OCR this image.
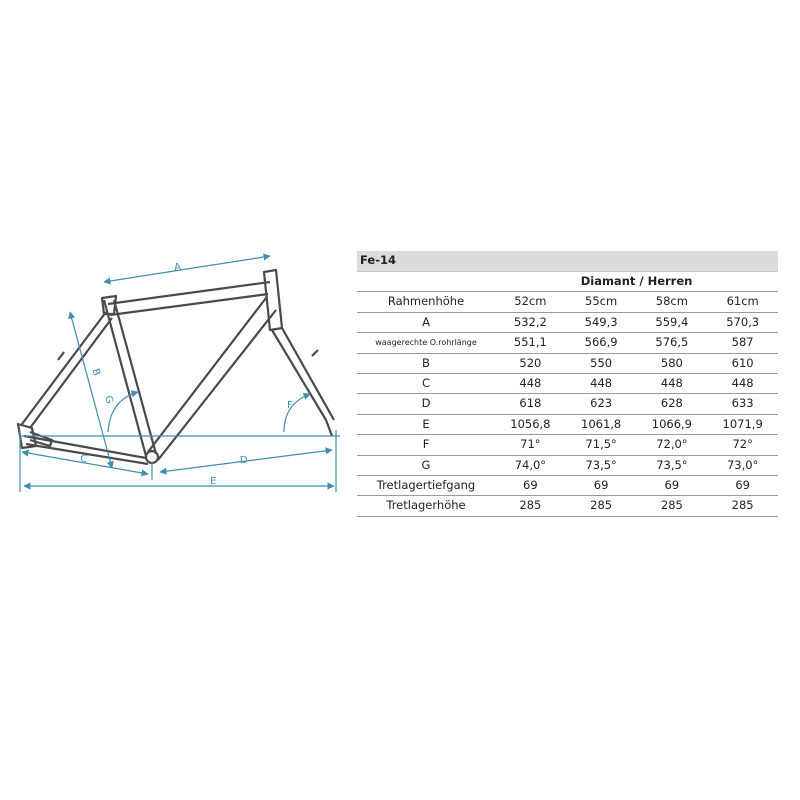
A
B
G
C	D
E
F
Fe-14				
	Diamant / Herren			
Rahmenhöhe	52cm	55cm	58cm	61cm
A	532,2	549,3	559,4	570,3
waagerechte O.rohrlänge	551,1	566,9	576,5	587
B	520	550	580	610
C	448	448	448	448
D	618	623	628	633
E	1056,8	1061,8	1066,9	1071,9
F	71°	71,5°	72,0°	72°
G	74,0°	73,5°	73,5°	73,0°
Tretlagertiefgang	69	69	69	69
Tretlagerhöhe	285	285	285	285
